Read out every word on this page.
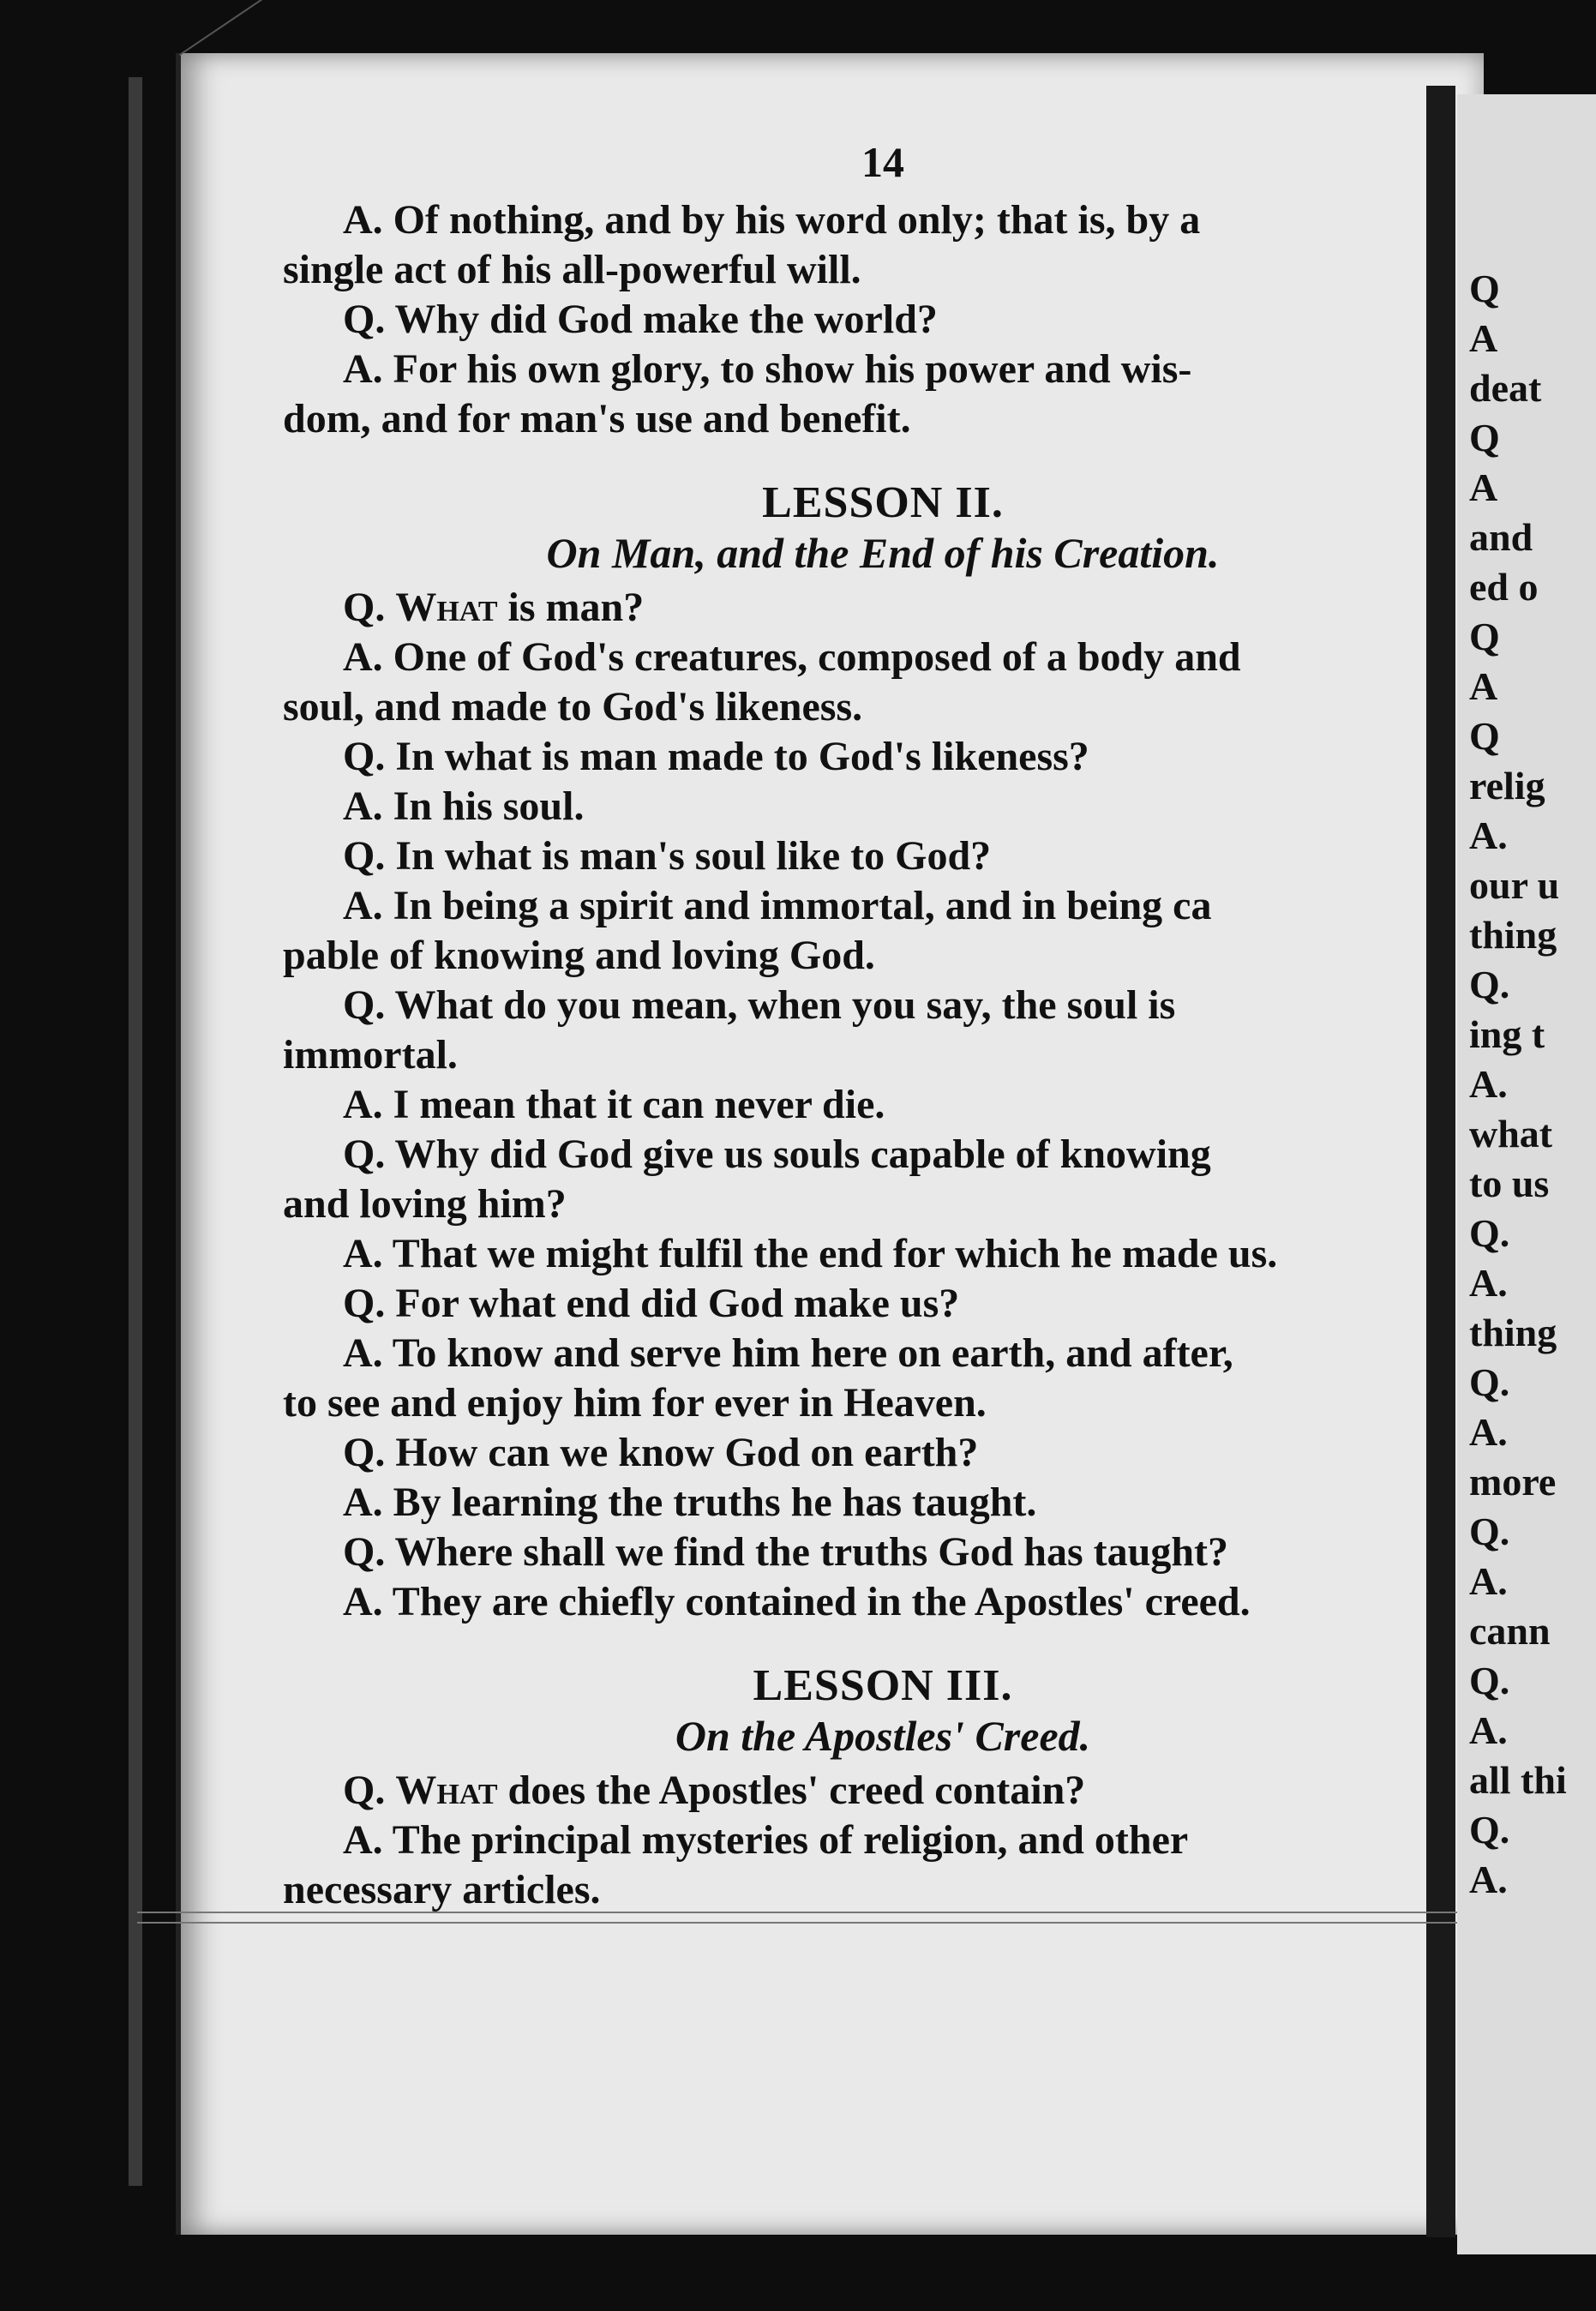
Q
A
deat
Q
A
and
ed o
Q
A
Q
relig
A.
our u
thing
Q.
ing t
A.
what
to us
Q.
A.
thing
Q.
A.
more
Q.
A.
cann
Q.
A.
all thi
Q.
A.
14
A. Of nothing, and by his word only; that is, by a
single act of his all-powerful will.
Q. Why did God make the world?
A. For his own glory, to show his power and wis-
dom, and for man's use and benefit.
LESSON II.
On Man, and the End of his Creation.
Q. What is man?
A. One of God's creatures, composed of a body and
soul, and made to God's likeness.
Q. In what is man made to God's likeness?
A. In his soul.
Q. In what is man's soul like to God?
A. In being a spirit and immortal, and in being ca
pable of knowing and loving God.
Q. What do you mean, when you say, the soul is
immortal.
A. I mean that it can never die.
Q. Why did God give us souls capable of knowing
and loving him?
A. That we might fulfil the end for which he made us.
Q. For what end did God make us?
A. To know and serve him here on earth, and after,
to see and enjoy him for ever in Heaven.
Q. How can we know God on earth?
A. By learning the truths he has taught.
Q. Where shall we find the truths God has taught?
A. They are chiefly contained in the Apostles' creed.
LESSON III.
On the Apostles' Creed.
Q. What does the Apostles' creed contain?
A. The principal mysteries of religion, and other
necessary articles.
